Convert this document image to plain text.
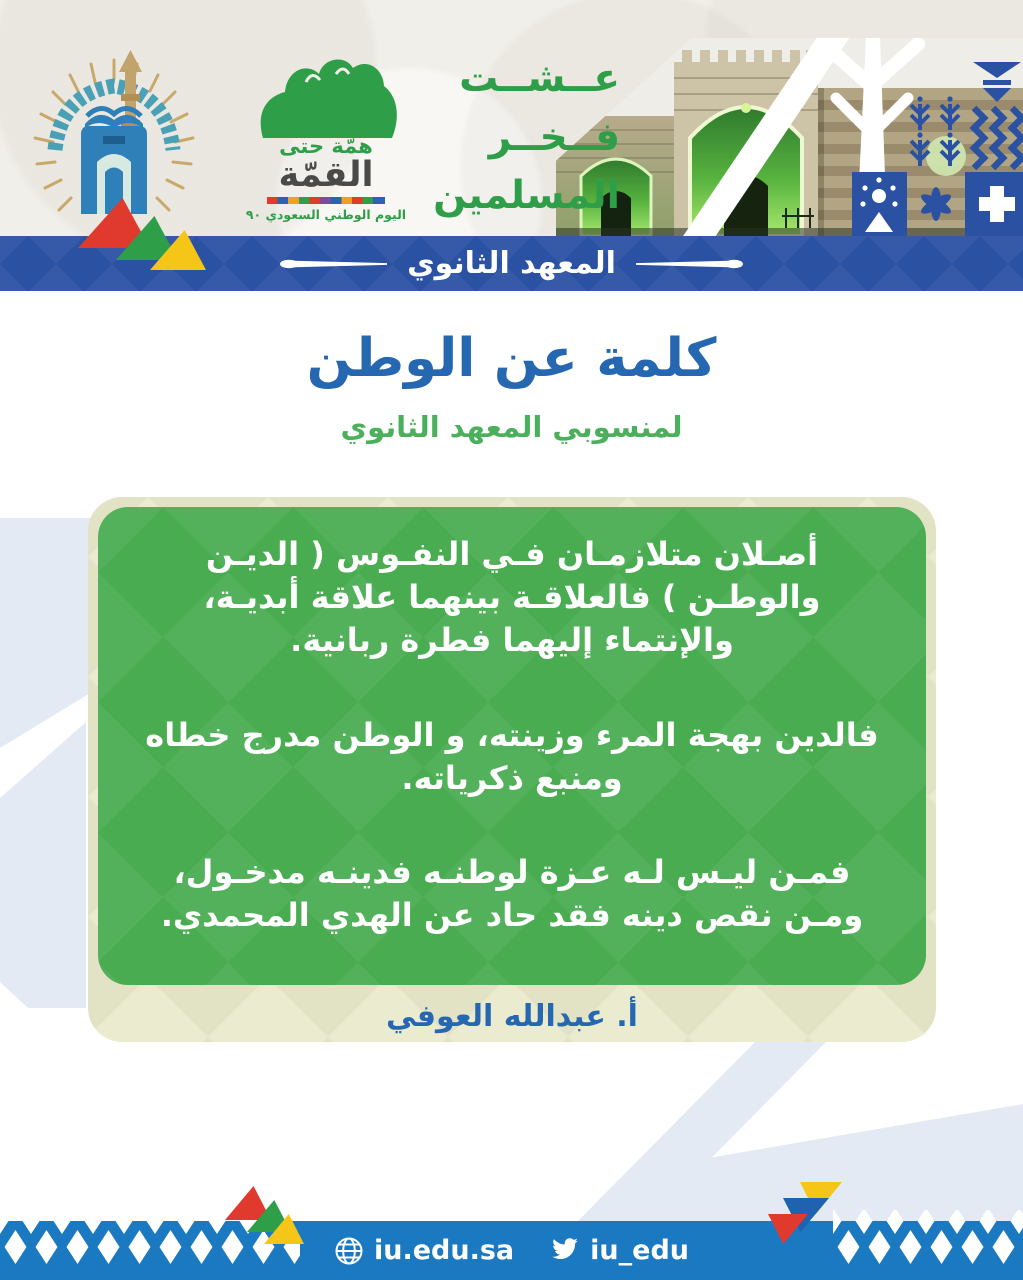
همّة حتى
القمّة
اليوم الوطني السعودي ٩٠
عــشــت
فــخــر
المسلمين
المعهد الثانوي
كلمة عن الوطن
لمنسوبي المعهد الثانوي

أصـلان متلازمـان فـي النفـوس ( الديـن والوطـن ) فالعلاقـة بينهما علاقة أبديـة، والإنتماء إليهما فطرة ربانية.

فالدين بهجة المرء وزينته، و الوطن مدرج خطاه ومنبع ذكرياته.

فمـن ليـس لـه عـزة لوطنـه فدينـه مدخـول، ومـن نقص دينه فقد حاد عن الهدي المحمدي.

أ. عبدالله العوفي
iu.edu.sa	iu_edu
